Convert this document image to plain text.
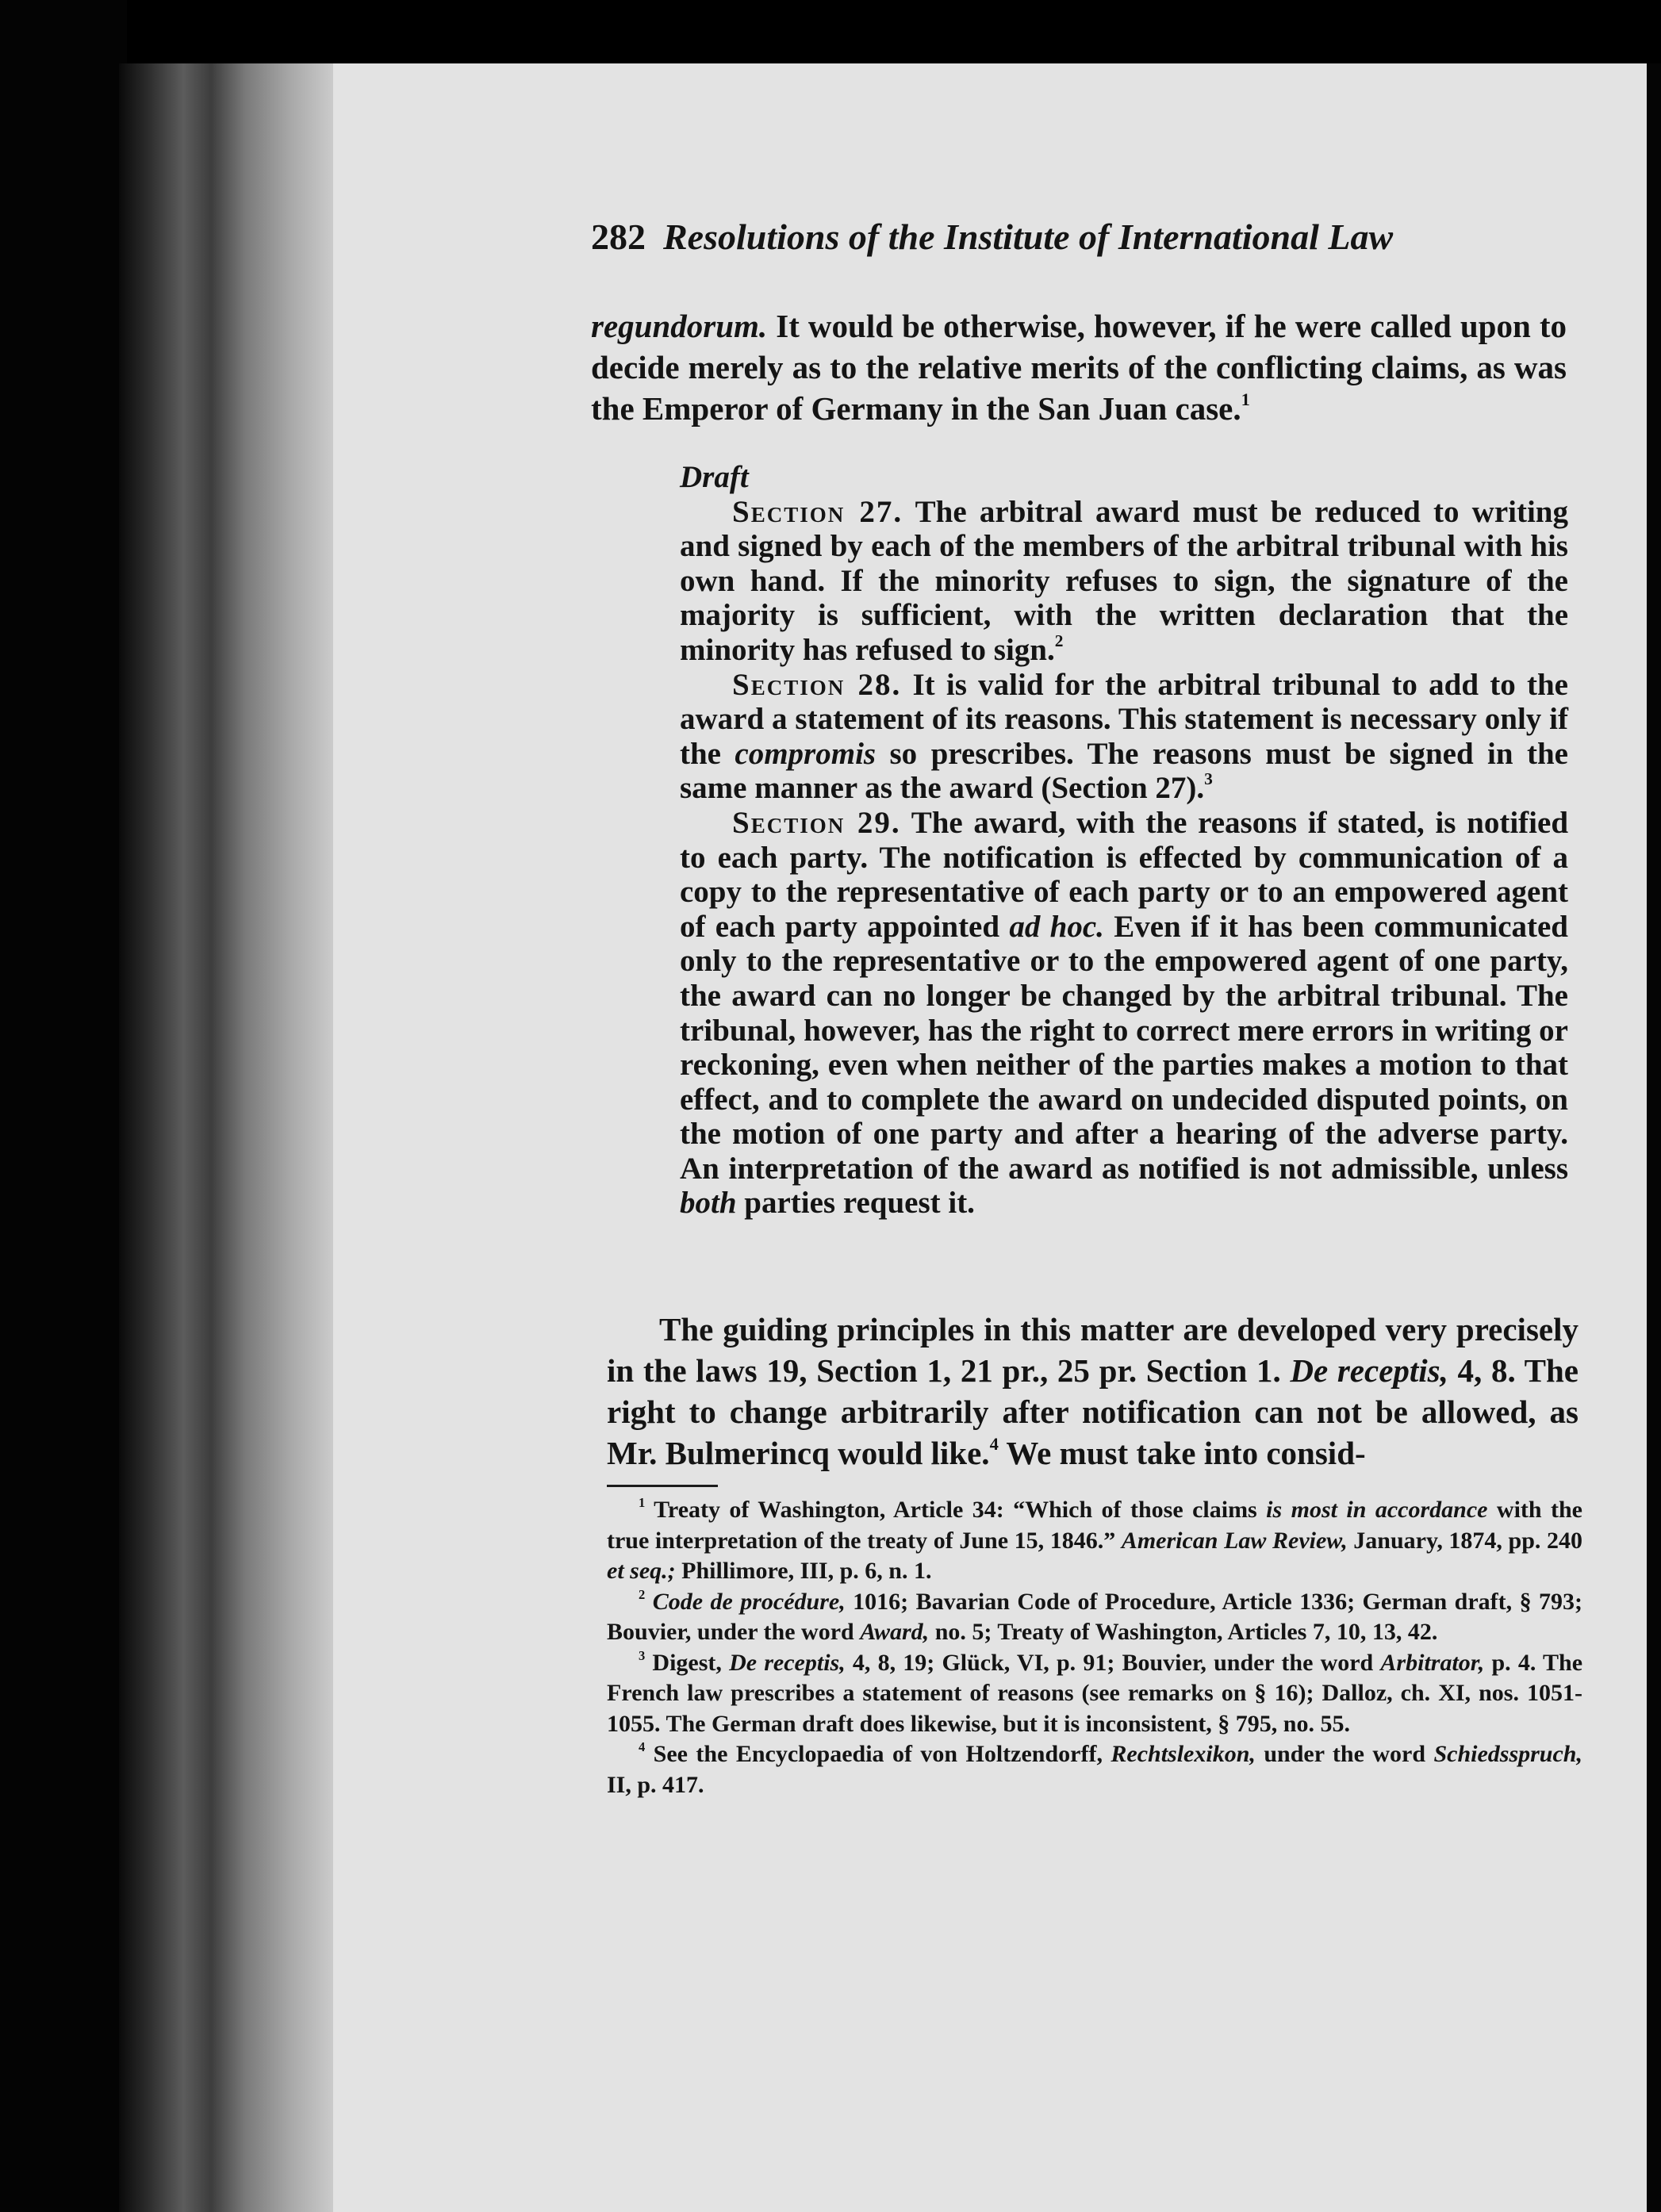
282 Resolutions of the Institute of International Law

regundorum. It would be otherwise, however, if he were called upon to decide merely as to the relative merits of the conflicting claims, as was the Emperor of Germany in the San Juan case.$^1$

Draft

Section 27. The arbitral award must be reduced to writing and signed by each of the members of the arbitral tribunal with his own hand. If the minority refuses to sign, the signature of the majority is sufficient, with the written declaration that the minority has refused to sign.$^2$

Section 28. It is valid for the arbitral tribunal to add to the award a statement of its reasons. This statement is necessary only if the compromis so prescribes. The reasons must be signed in the same manner as the award (Section 27).$^3$

Section 29. The award, with the reasons if stated, is notified to each party. The notification is effected by communication of a copy to the representative of each party or to an empowered agent of each party appointed ad hoc. Even if it has been communicated only to the representative or to the empowered agent of one party, the award can no longer be changed by the arbitral tribunal. The tribunal, however, has the right to correct mere errors in writing or reckoning, even when neither of the parties makes a motion to that effect, and to complete the award on undecided disputed points, on the motion of one party and after a hearing of the adverse party. An interpretation of the award as notified is not admissible, unless both parties request it.

The guiding principles in this matter are developed very precisely in the laws 19, Section 1, 21 pr., 25 pr. Section 1. De receptis, 4, 8. The right to change arbitrarily after notification can not be allowed, as Mr. Bulmerincq would like.$^4$ We must take into consid-

$^1$ Treaty of Washington, Article 34: “Which of those claims is most in accordance with the true interpretation of the treaty of June 15, 1846.” American Law Review, January, 1874, pp. 240 et seq.; Phillimore, III, p. 6, n. 1.

$^2$ Code de procédure, 1016; Bavarian Code of Procedure, Article 1336; German draft, § 793; Bouvier, under the word Award, no. 5; Treaty of Washington, Articles 7, 10, 13, 42.

$^3$ Digest, De receptis, 4, 8, 19; Glück, VI, p. 91; Bouvier, under the word Arbitrator, p. 4. The French law prescribes a statement of reasons (see remarks on § 16); Dalloz, ch. XI, nos. 1051-1055. The German draft does likewise, but it is inconsistent, § 795, no. 55.

$^4$ See the Encyclopaedia of von Holtzendorff, Rechtslexikon, under the word Schiedsspruch, II, p. 417.
